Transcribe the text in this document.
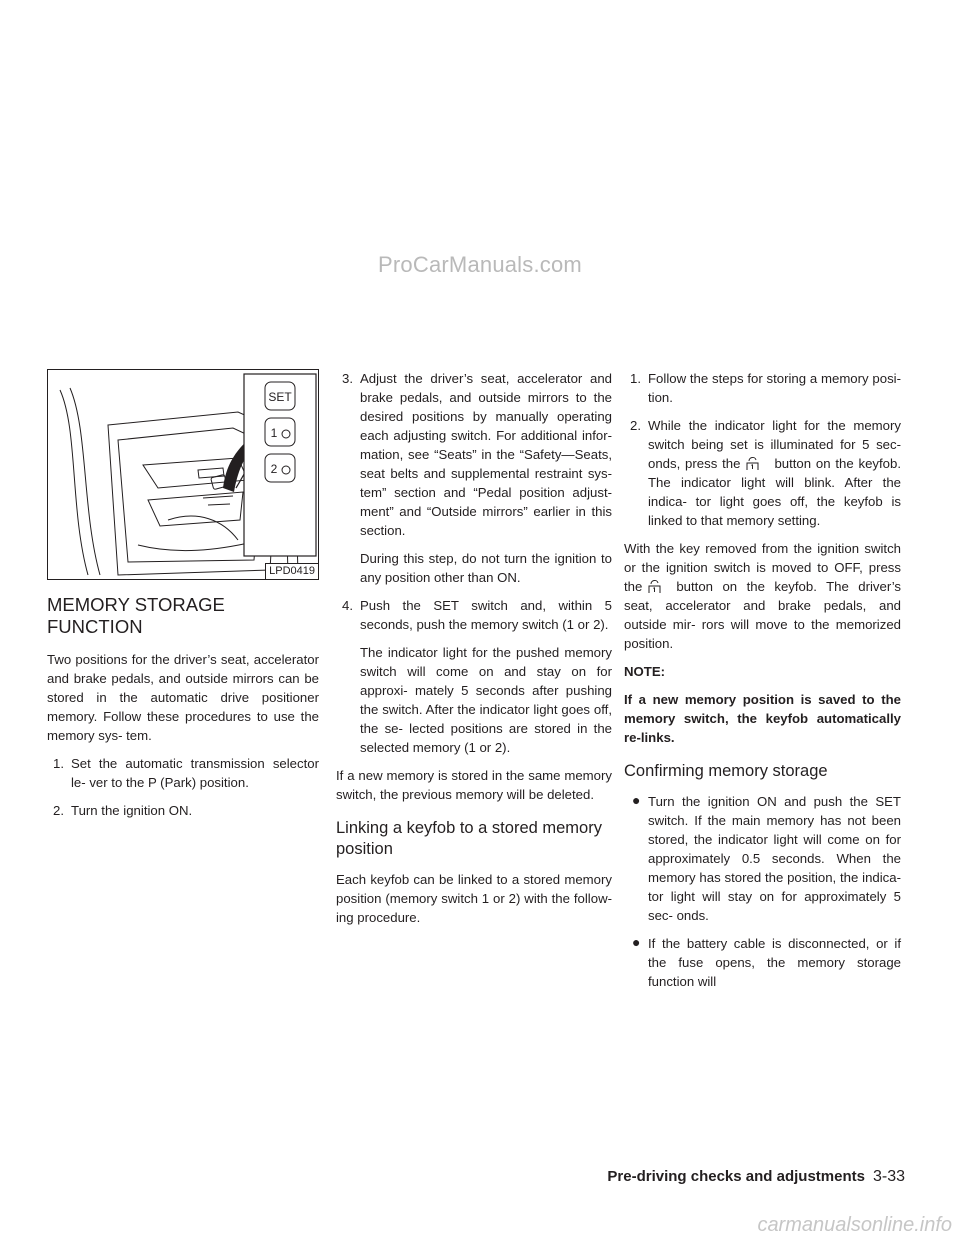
ProCarManuals.com
SET
1
2
LPD0419
MEMORY STORAGE FUNCTION

Two positions for the driver’s seat, accelerator and brake pedals, and outside mirrors can be stored in the automatic drive positioner memory. Follow these procedures to use the memory sys- tem.

1. Set the automatic transmission selector le- ver to the P (Park) position.
2. Turn the ignition ON.
3. Adjust the driver’s seat, accelerator and brake pedals, and outside mirrors to the desired positions by manually operating each adjusting switch. For additional infor- mation, see “Seats” in the “Safety—Seats, seat belts and supplemental restraint sys- tem” section and “Pedal position adjust- ment” and “Outside mirrors” earlier in this section.

During this step, do not turn the ignition to any position other than ON.

4. Push the SET switch and, within 5 seconds, push the memory switch (1 or 2).

The indicator light for the pushed memory switch will come on and stay on for approxi- mately 5 seconds after pushing the switch. After the indicator light goes off, the se- lected positions are stored in the selected memory (1 or 2).

If a new memory is stored in the same memory switch, the previous memory will be deleted.

Linking a keyfob to a stored memory position

Each keyfob can be linked to a stored memory position (memory switch 1 or 2) with the follow- ing procedure.

1. Follow the steps for storing a memory posi- tion.
2. While the indicator light for the memory switch being set is illuminated for 5 sec- onds, press the	button on the keyfob. The indicator light will blink. After the indica- tor light goes off, the keyfob is linked to that memory setting.

With the key removed from the ignition switch or the ignition switch is moved to OFF, press the	button on the keyfob. The driver’s seat, accelerator and brake pedals, and outside mir- rors will move to the memorized position.

NOTE:

If a new memory position is saved to the memory switch, the keyfob automatically re-links.

Confirming memory storage
● Turn the ignition ON and push the SET switch. If the main memory has not been stored, the indicator light will come on for approximately 0.5 seconds. When the memory has stored the position, the indica- tor light will stay on for approximately 5 sec- onds.
● If the battery cable is disconnected, or if the fuse opens, the memory storage function will
Pre-driving checks and adjustments 3-33
carmanualsonline.info
